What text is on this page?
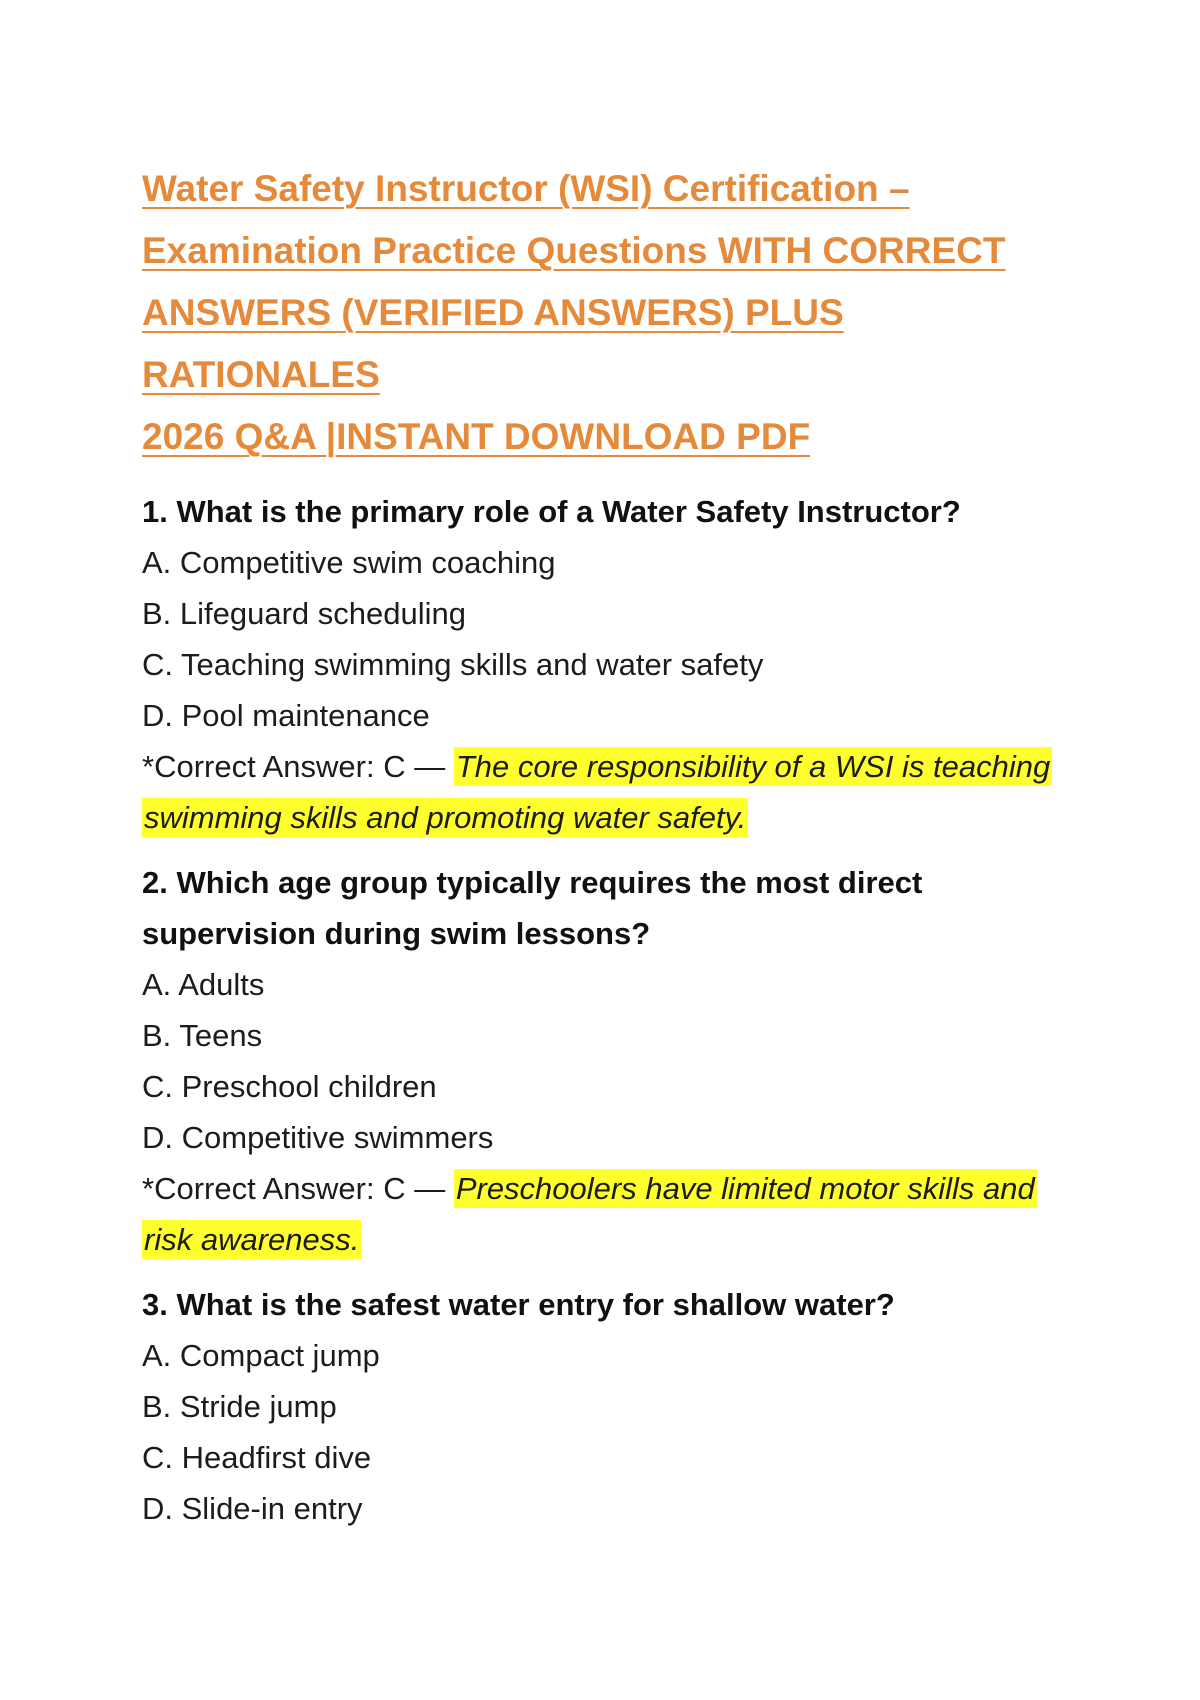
Water Safety Instructor (WSI) Certification –
Examination Practice Questions WITH CORRECT
ANSWERS (VERIFIED ANSWERS) PLUS RATIONALES
2026 Q&A |INSTANT DOWNLOAD PDF

1. What is the primary role of a Water Safety Instructor?

A. Competitive swim coaching

B. Lifeguard scheduling

C. Teaching swimming skills and water safety

D. Pool maintenance

*Correct Answer: C — The core responsibility of a WSI is teaching swimming skills and promoting water safety.

2. Which age group typically requires the most direct supervision during swim lessons?

A. Adults

B. Teens

C. Preschool children

D. Competitive swimmers

*Correct Answer: C — Preschoolers have limited motor skills and risk awareness.

3. What is the safest water entry for shallow water?

A. Compact jump

B. Stride jump

C. Headfirst dive

D. Slide-in entry
